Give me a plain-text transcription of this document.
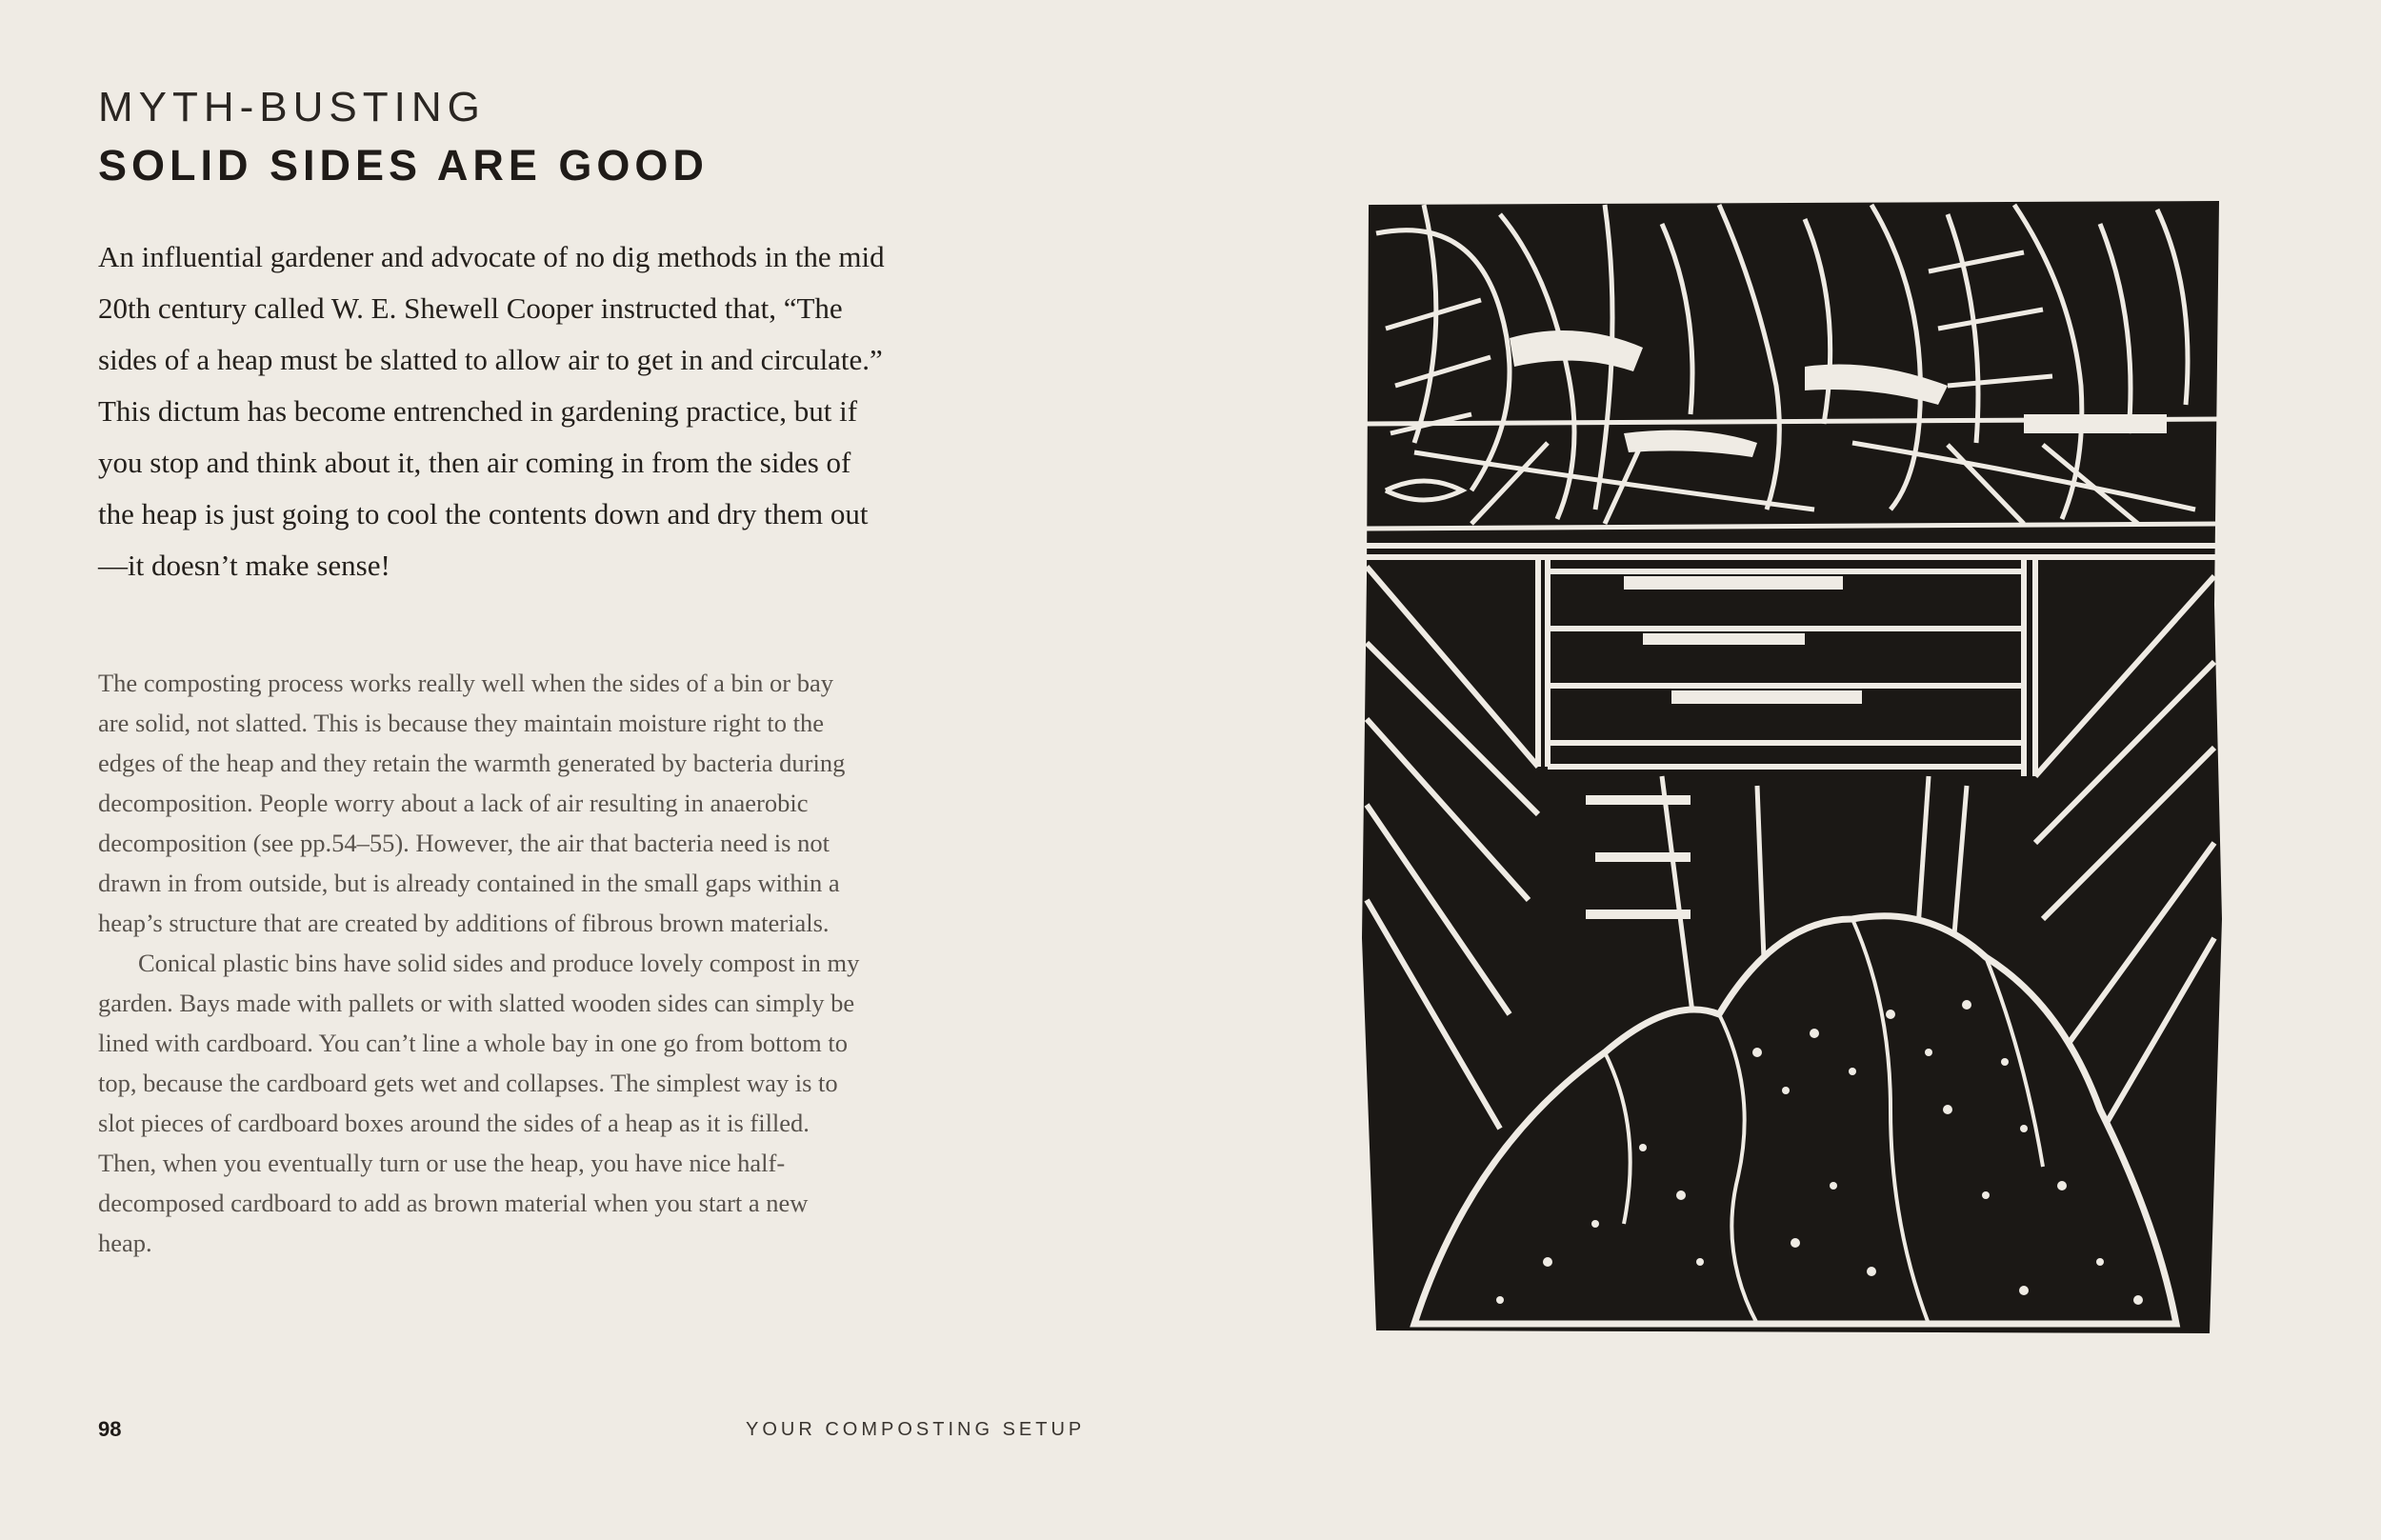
MYTH-BUSTING
SOLID SIDES ARE GOOD

An influential gardener and advocate of no dig methods in the mid 20th century called W. E. Shewell Cooper instructed that, “The sides of a heap must be slatted to allow air to get in and circulate.” This dictum has become entrenched in gardening practice, but if you stop and think about it, then air coming in from the sides of the heap is just going to cool the contents down and dry them out—it doesn’t make sense!

The composting process works really well when the sides of a bin or bay are solid, not slatted. This is because they maintain moisture right to the edges of the heap and they retain the warmth generated by bacteria during decomposition. People worry about a lack of air resulting in anaerobic decomposition (see pp.54–55). However, the air that bacteria need is not drawn in from outside, but is already contained in the small gaps within a heap’s structure that are created by additions of fibrous brown materials.

Conical plastic bins have solid sides and produce lovely compost in my garden. Bays made with pallets or with slatted wooden sides can simply be lined with cardboard. You can’t line a whole bay in one go from bottom to top, because the cardboard gets wet and collapses. The simplest way is to slot pieces of cardboard boxes around the sides of a heap as it is filled. Then, when you eventually turn or use the heap, you have nice half-decomposed cardboard to add as brown material when you start a new heap.

98	YOUR COMPOSTING SETUP
